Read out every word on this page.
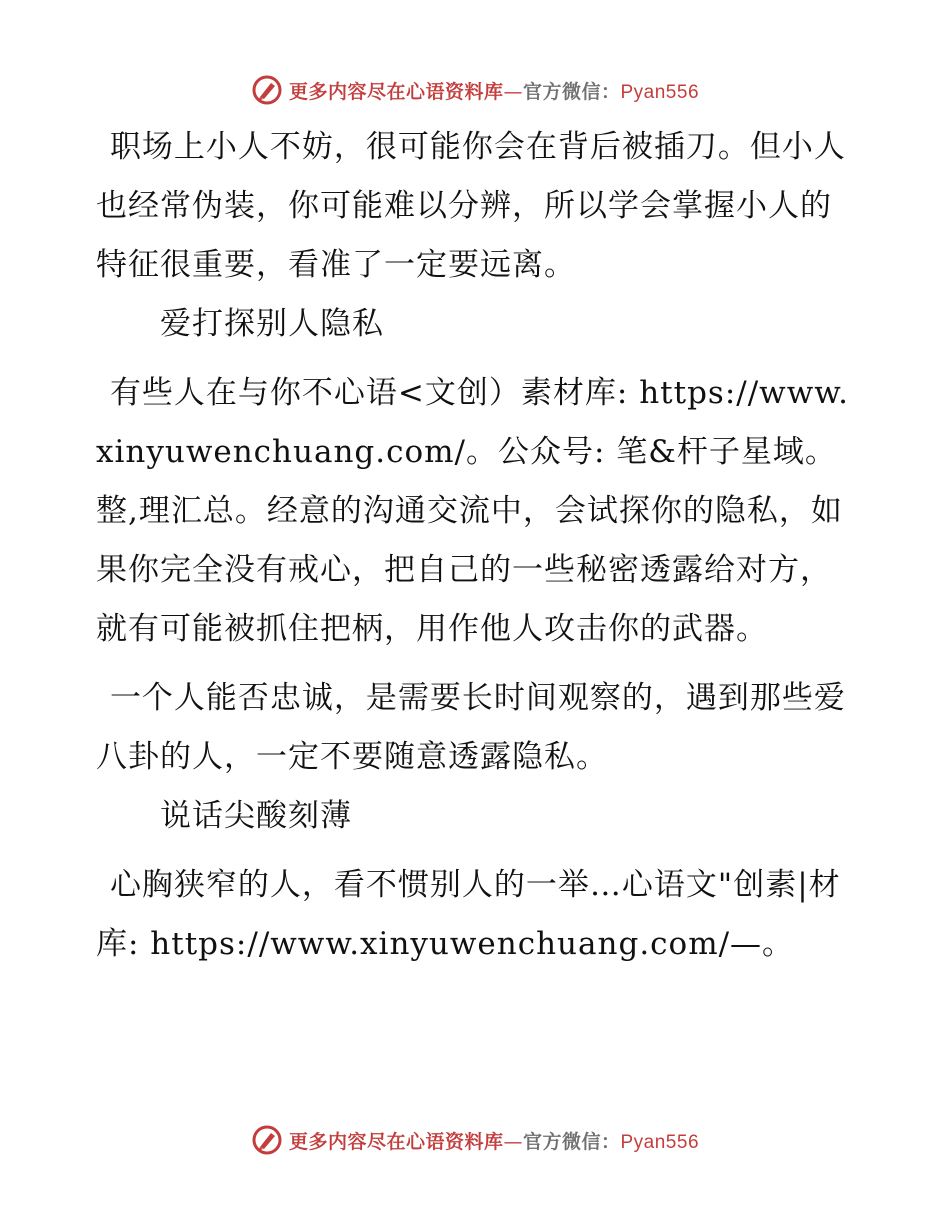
更多内容尽在心语资料库—官方微信：Pyan556

职场上小人不妨，很可能你会在背后被插刀。但小人也经常伪装，你可能难以分辨，所以学会掌握小人的特征很重要，看准了一定要远离。

爱打探别人隐私

有些人在与你不心语<文创）素材库: https://www.xinyuwenchuang.com/。公众号: 笔&杆子星域。整,理汇总。经意的沟通交流中，会试探你的隐私，如果你完全没有戒心，把自己的一些秘密透露给对方，就有可能被抓住把柄，用作他人攻击你的武器。

一个人能否忠诚，是需要长时间观察的，遇到那些爱八卦的人，一定不要随意透露隐私。

说话尖酸刻薄

心胸狭窄的人，看不惯别人的一举…心语文"创素|材库: https://www.xinyuwenchuang.com/—。

更多内容尽在心语资料库—官方微信：Pyan556
